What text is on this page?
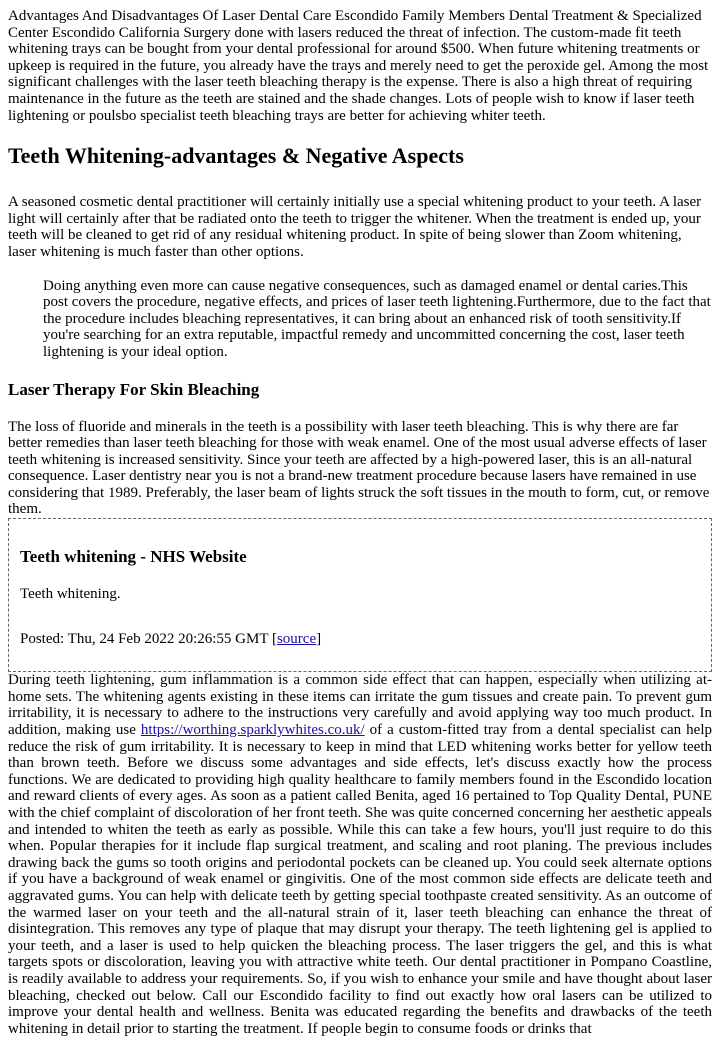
Advantages And Disadvantages Of Laser Dental Care Escondido Family Members Dental Treatment & Specialized Center Escondido California Surgery done with lasers reduced the threat of infection. The custom-made fit teeth whitening trays can be bought from your dental professional for around $500. When future whitening treatments or upkeep is required in the future, you already have the trays and merely need to get the peroxide gel. Among the most significant challenges with the laser teeth bleaching therapy is the expense. There is also a high threat of requiring maintenance in the future as the teeth are stained and the shade changes. Lots of people wish to know if laser teeth lightening or poulsbo specialist teeth bleaching trays are better for achieving whiter teeth.

Teeth Whitening-advantages & Negative Aspects

A seasoned cosmetic dental practitioner will certainly initially use a special whitening product to your teeth. A laser light will certainly after that be radiated onto the teeth to trigger the whitener. When the treatment is ended up, your teeth will be cleaned to get rid of any residual whitening product. In spite of being slower than Zoom whitening, laser whitening is much faster than other options.

Doing anything even more can cause negative consequences, such as damaged enamel or dental caries.This post covers the procedure, negative effects, and prices of laser teeth lightening.Furthermore, due to the fact that the procedure includes bleaching representatives, it can bring about an enhanced risk of tooth sensitivity.If you're searching for an extra reputable, impactful remedy and uncommitted concerning the cost, laser teeth lightening is your ideal option.
Laser Therapy For Skin Bleaching

The loss of fluoride and minerals in the teeth is a possibility with laser teeth bleaching. This is why there are far better remedies than laser teeth bleaching for those with weak enamel. One of the most usual adverse effects of laser teeth whitening is increased sensitivity. Since your teeth are affected by a high-powered laser, this is an all-natural consequence. Laser dentistry near you is not a brand-new treatment procedure because lasers have remained in use considering that 1989. Preferably, the laser beam of lights struck the soft tissues in the mouth to form, cut, or remove them.

Teeth whitening - NHS Website

Teeth whitening.

Posted: Thu, 24 Feb 2022 20:26:55 GMT [source]

During teeth lightening, gum inflammation is a common side effect that can happen, especially when utilizing at-home sets. The whitening agents existing in these items can irritate the gum tissues and create pain. To prevent gum irritability, it is necessary to adhere to the instructions very carefully and avoid applying way too much product. In addition, making use https://worthing.sparklywhites.co.uk/ of a custom-fitted tray from a dental specialist can help reduce the risk of gum irritability. It is necessary to keep in mind that LED whitening works better for yellow teeth than brown teeth. Before we discuss some advantages and side effects, let's discuss exactly how the process functions. We are dedicated to providing high quality healthcare to family members found in the Escondido location and reward clients of every ages. As soon as a patient called Benita, aged 16 pertained to Top Quality Dental, PUNE with the chief complaint of discoloration of her front teeth. She was quite concerned concerning her aesthetic appeals and intended to whiten the teeth as early as possible. While this can take a few hours, you'll just require to do this when. Popular therapies for it include flap surgical treatment, and scaling and root planing. The previous includes drawing back the gums so tooth origins and periodontal pockets can be cleaned up. You could seek alternate options if you have a background of weak enamel or gingivitis. One of the most common side effects are delicate teeth and aggravated gums. You can help with delicate teeth by getting special toothpaste created sensitivity. As an outcome of the warmed laser on your teeth and the all-natural strain of it, laser teeth bleaching can enhance the threat of disintegration. This removes any type of plaque that may disrupt your therapy. The teeth lightening gel is applied to your teeth, and a laser is used to help quicken the bleaching process. The laser triggers the gel, and this is what targets spots or discoloration, leaving you with attractive white teeth. Our dental practitioner in Pompano Coastline, is readily available to address your requirements. So, if you wish to enhance your smile and have thought about laser bleaching, checked out below. Call our Escondido facility to find out exactly how oral lasers can be utilized to improve your dental health and wellness. Benita was educated regarding the benefits and drawbacks of the teeth whitening in detail prior to starting the treatment. If people begin to consume foods or drinks that
